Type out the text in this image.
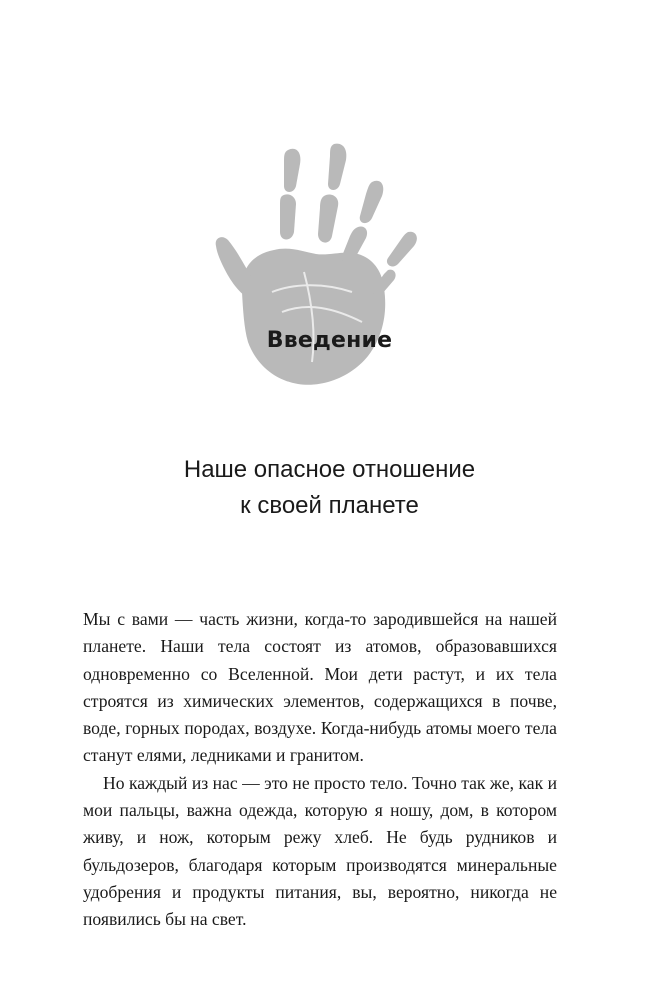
Введение
Наше опасное отношение
к своей планете

Мы с вами — часть жизни, когда-то зародившейся на нашей планете. Наши тела состоят из атомов, образовавшихся одновременно со Вселенной. Мои дети растут, и их тела строятся из химических элементов, содержащихся в почве, воде, горных породах, воздухе. Когда-нибудь атомы моего тела станут елями, ледниками и гранитом.

Но каждый из нас — это не просто тело. Точно так же, как и мои пальцы, важна одежда, которую я ношу, дом, в котором живу, и нож, которым режу хлеб. Не будь рудников и бульдозеров, благодаря которым производятся минеральные удобрения и продукты питания, вы, вероятно, никогда не появились бы на свет.
